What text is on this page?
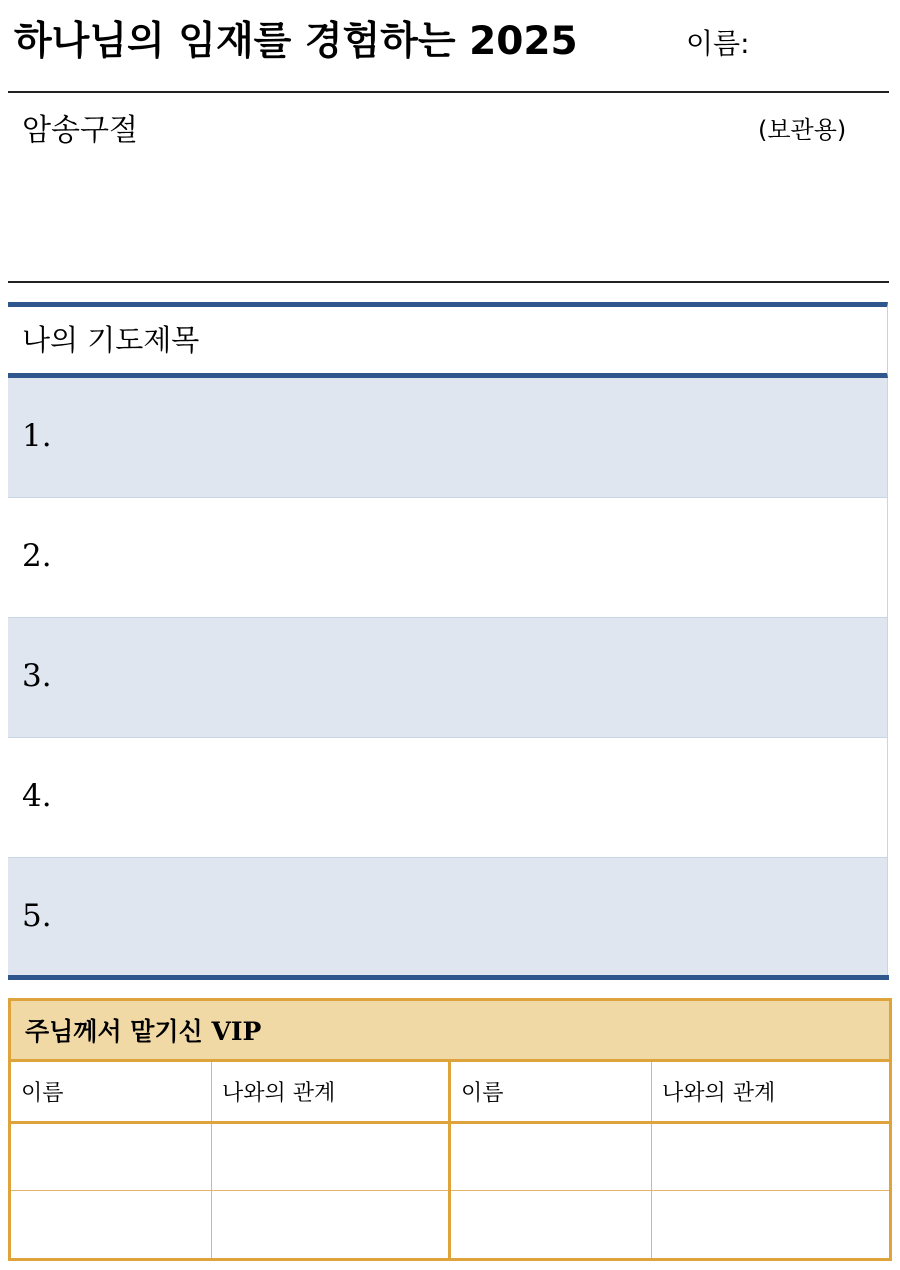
하나님의 임재를 경험하는 2025	이름:
암송구절	(보관용)
나의 기도제목
1.
2.
3.
4.
5.
주님께서 맡기신 VIP			
이름	나와의 관계	이름	나와의 관계
